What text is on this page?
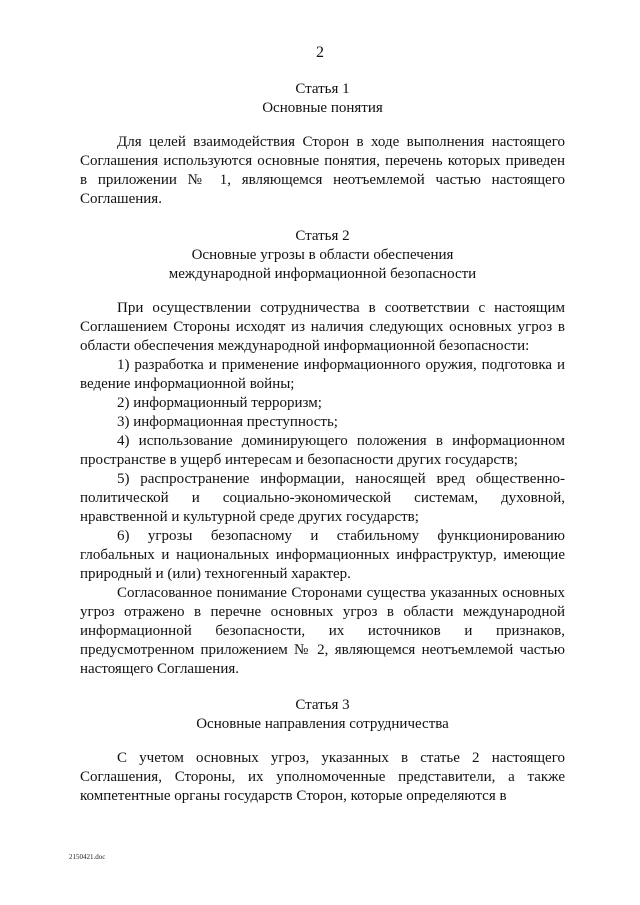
2

Статья 1

Основные понятия

Для целей взаимодействия Сторон в ходе выполнения настоящего Соглашения используются основные понятия, перечень которых приведен в приложении № 1, являющемся неотъемлемой частью настоящего Соглашения.

Статья 2

Основные угрозы в области обеспечения

международной информационной безопасности

При осуществлении сотрудничества в соответствии с настоящим Соглашением Стороны исходят из наличия следующих основных угроз в области обеспечения международной информационной безопасности:

1) разработка и применение информационного оружия, подготовка и ведение информационной войны;

2) информационный терроризм;

3) информационная преступность;

4) использование доминирующего положения в информационном пространстве в ущерб интересам и безопасности других государств;

5) распространение информации, наносящей вред общественно-политической и социально-экономической системам, духовной, нравственной и культурной среде других государств;

6) угрозы безопасному и стабильному функционированию глобальных и национальных информационных инфраструктур, имеющие природный и (или) техногенный характер.

Согласованное понимание Сторонами существа указанных основных угроз отражено в перечне основных угроз в области международной информационной безопасности, их источников и признаков, предусмотренном приложением № 2, являющемся неотъемлемой частью настоящего Соглашения.

Статья 3

Основные направления сотрудничества

С учетом основных угроз, указанных в статье 2 настоящего Соглашения, Стороны, их уполномоченные представители, а также компетентные органы государств Сторон, которые определяются в

2150421.doc
